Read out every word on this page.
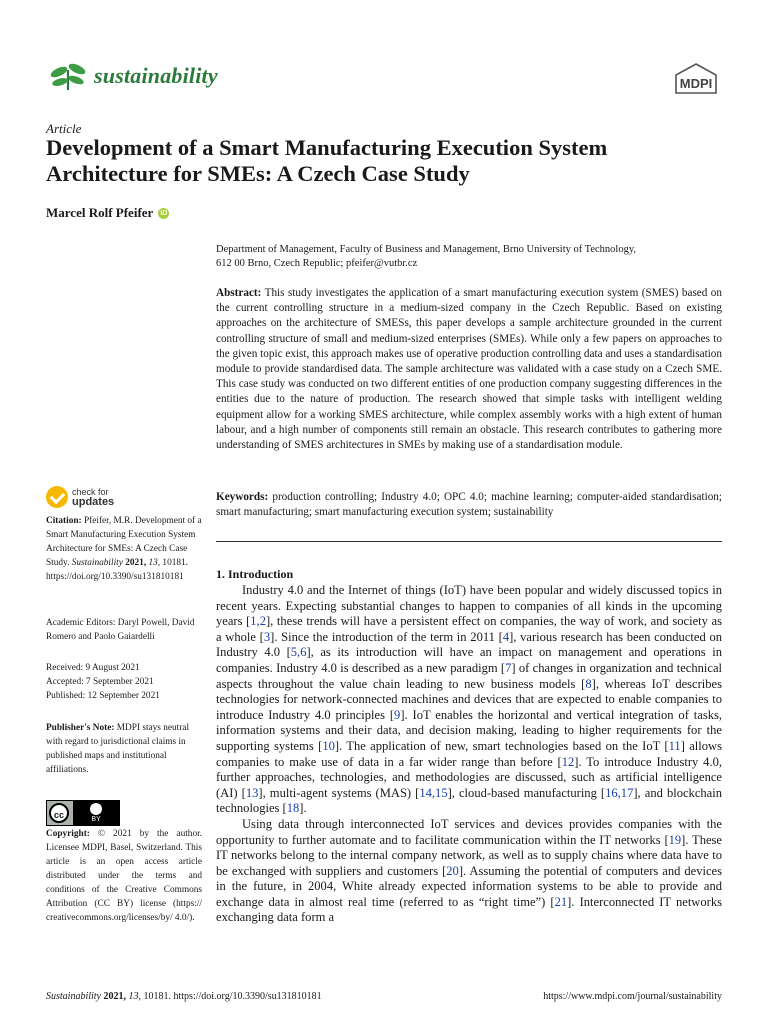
sustainability	MDPI
Article
Development of a Smart Manufacturing Execution System Architecture for SMEs: A Czech Case Study
Marcel Rolf Pfeifer iD
Department of Management, Faculty of Business and Management, Brno University of Technology,
612 00 Brno, Czech Republic; pfeifer@vutbr.cz
Abstract: This study investigates the application of a smart manufacturing execution system (SMES) based on the current controlling structure in a medium-sized company in the Czech Republic. Based on existing approaches on the architecture of SMESs, this paper develops a sample architecture grounded in the current controlling structure of small and medium-sized enterprises (SMEs). While only a few papers on approaches to the given topic exist, this approach makes use of operative production controlling data and uses a standardisation module to provide standardised data. The sample architecture was validated with a case study on a Czech SME. This case study was conducted on two different entities of one production company suggesting differences in the entities due to the nature of production. The research showed that simple tasks with intelligent welding equipment allow for a working SMES architecture, while complex assembly works with a high extent of human labour, and a high number of components still remain an obstacle. This research contributes to gathering more understanding of SMES architectures in SMEs by making use of a standardisation module.
Keywords: production controlling; Industry 4.0; OPC 4.0; machine learning; computer-aided standardisation; smart manufacturing; smart manufacturing execution system; sustainability
check for
updates
Citation: Pfeifer, M.R. Development of a Smart Manufacturing Execution System Architecture for SMEs: A Czech Case Study. Sustainability 2021, 13, 10181. https://doi.org/10.3390/su131810181
Academic Editors: Daryl Powell, David Romero and Paolo Gaiardelli
Received: 9 August 2021
Accepted: 7 September 2021
Published: 12 September 2021
Publisher's Note: MDPI stays neutral with regard to jurisdictional claims in published maps and institutional affiliations.
cc	BY
Copyright: © 2021 by the author. Licensee MDPI, Basel, Switzerland. This article is an open access article distributed under the terms and conditions of the Creative Commons Attribution (CC BY) license (https:// creativecommons.org/licenses/by/ 4.0/).
1. Introduction

Industry 4.0 and the Internet of things (IoT) have been popular and widely discussed topics in recent years. Expecting substantial changes to happen to companies of all kinds in the upcoming years [1,2], these trends will have a persistent effect on companies, the way of work, and society as a whole [3]. Since the introduction of the term in 2011 [4], various research has been conducted on Industry 4.0 [5,6], as its introduction will have an impact on management and operations in companies. Industry 4.0 is described as a new paradigm [7] of changes in organization and technical aspects throughout the value chain leading to new business models [8], whereas IoT describes technologies for network-connected machines and devices that are expected to enable companies to introduce Industry 4.0 principles [9]. IoT enables the horizontal and vertical integration of tasks, information systems and their data, and decision making, leading to higher requirements for the supporting systems [10]. The application of new, smart technologies based on the IoT [11] allows companies to make use of data in a far wider range than before [12]. To introduce Industry 4.0, further approaches, technologies, and methodologies are discussed, such as artificial intelligence (AI) [13], multi-agent systems (MAS) [14,15], cloud-based manufacturing [16,17], and blockchain technologies [18].

Using data through interconnected IoT services and devices provides companies with the opportunity to further automate and to facilitate communication within the IT networks [19]. These IT networks belong to the internal company network, as well as to supply chains where data have to be exchanged with suppliers and customers [20]. Assuming the potential of computers and devices in the future, in 2004, White already expected information systems to be able to provide and exchange data in almost real time (referred to as “right time”) [21]. Interconnected IT networks exchanging data form a

Sustainability 2021, 13, 10181. https://doi.org/10.3390/su131810181	https://www.mdpi.com/journal/sustainability
